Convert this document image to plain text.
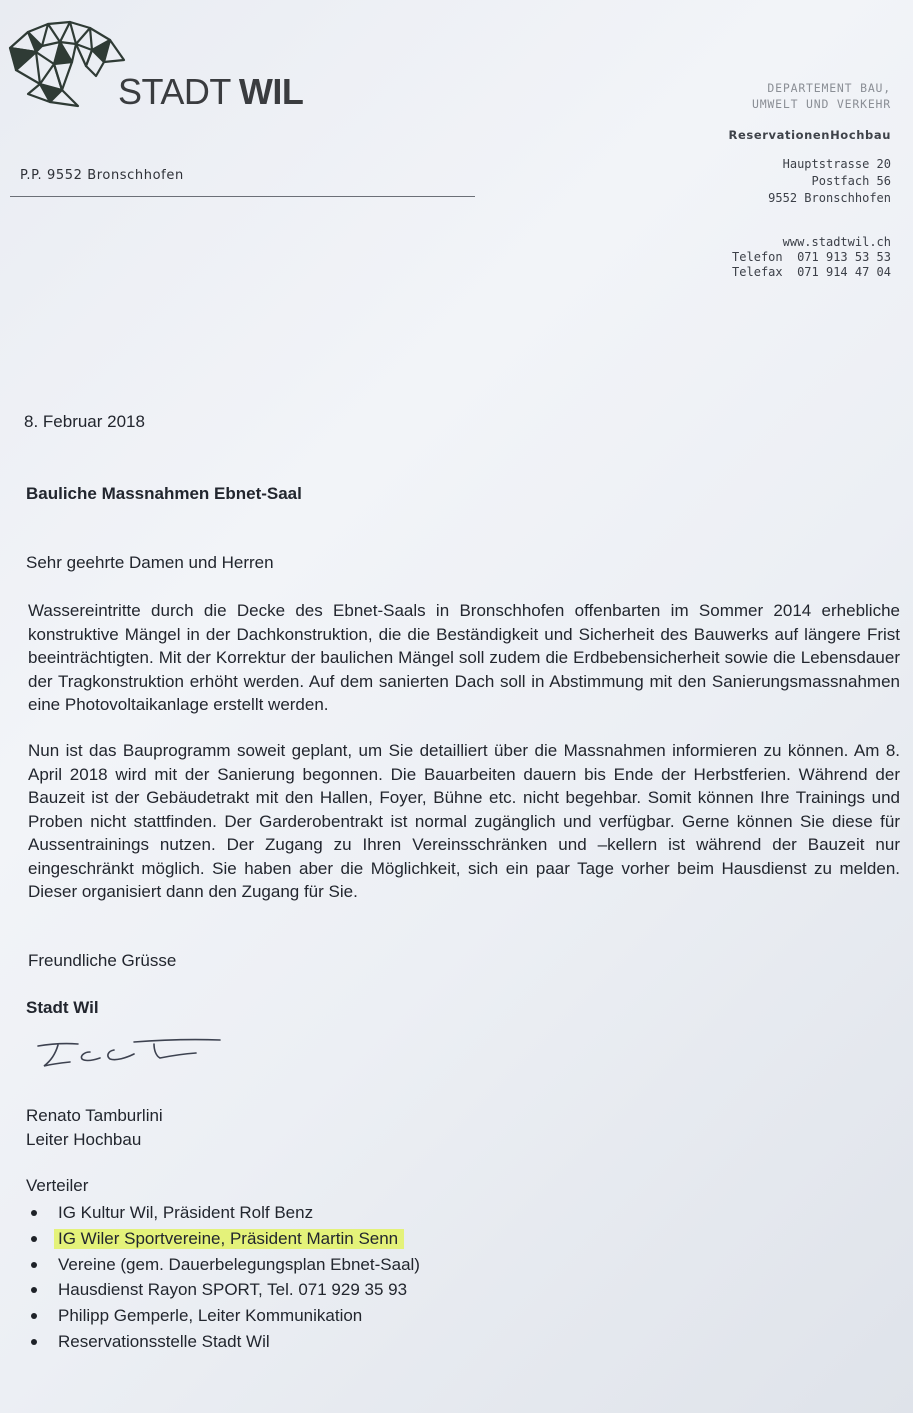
STADT WIL
P.P. 9552 Bronschhofen
DEPARTEMENT BAU,
UMWELT UND VERKEHR
ReservationenHochbau
Hauptstrasse 20
Postfach 56
9552 Bronschhofen
www.stadtwil.ch
Telefon  071 913 53 53
Telefax  071 914 47 04
8. Februar 2018
Bauliche Massnahmen Ebnet-Saal
Sehr geehrte Damen und Herren

Wassereintritte durch die Decke des Ebnet-Saals in Bronschhofen offenbarten im Sommer 2014 erhebliche konstruktive Mängel in der Dachkonstruktion, die die Beständigkeit und Sicherheit des Bauwerks auf längere Frist beeinträchtigten. Mit der Korrektur der baulichen Mängel soll zudem die Erdbebensicherheit sowie die Lebensdauer der Tragkonstruktion erhöht werden. Auf dem sanierten Dach soll in Abstimmung mit den Sanierungsmassnahmen eine Photovoltaikanlage erstellt werden.

Nun ist das Bauprogramm soweit geplant, um Sie detailliert über die Massnahmen informieren zu können. Am 8. April 2018 wird mit der Sanierung begonnen. Die Bauarbeiten dauern bis Ende der Herbstferien. Während der Bauzeit ist der Gebäudetrakt mit den Hallen, Foyer, Bühne etc. nicht begehbar. Somit können Ihre Trainings und Proben nicht stattfinden. Der Garderobentrakt ist normal zugänglich und verfügbar. Gerne können Sie diese für Aussentrainings nutzen. Der Zugang zu Ihren Vereinsschränken und –kellern ist während der Bauzeit nur eingeschränkt möglich. Sie haben aber die Möglichkeit, sich ein paar Tage vorher beim Hausdienst zu melden. Dieser organisiert dann den Zugang für Sie.

Freundliche Grüsse
Stadt Wil
Renato Tamburlini
Leiter Hochbau
Verteiler
IG Kultur Wil, Präsident Rolf Benz
IG Wiler Sportvereine, Präsident Martin Senn
Vereine (gem. Dauerbelegungsplan Ebnet-Saal)
Hausdienst Rayon SPORT, Tel. 071 929 35 93
Philipp Gemperle, Leiter Kommunikation
Reservationsstelle Stadt Wil
